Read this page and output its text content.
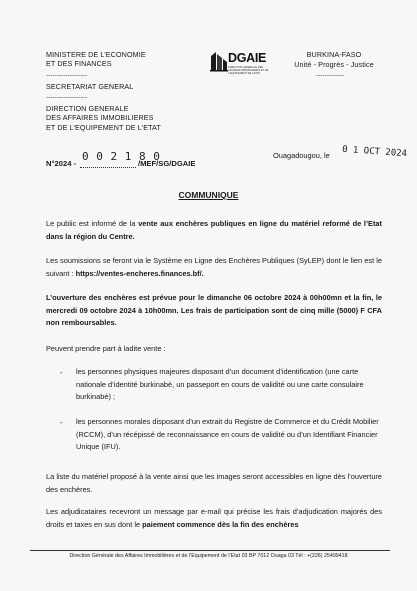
MINISTERE DE L’ECONOMIE
ET DES FINANCES
-------------------
SECRETARIAT GENERAL
-------------------
DIRECTION GENERALE
DES AFFAIRES IMMOBILIERES
ET DE L’EQUIPEMENT DE L’ETAT
DGAIE
DIRECTION GENERALE DES AFFAIRES IMMOBILIERES ET DE L'EQUIPEMENT DE L'ETAT
BURKINA-FASO
Unité - Progrès - Justice
-------------
Ouagadougou, le 0 1 OCT 2024
N°2024 -
0 0 2 1 8 0
/MEF/SG/DGAIE
COMMUNIQUE
Le public est informé de la vente aux enchères publiques en ligne du matériel reformé de l’Etat dans la région du Centre.
Les soumissions se feront via le Système en Ligne des Enchères Publiques (SyLEP) dont le lien est le suivant : https://ventes-encheres.finances.bf/.
L’ouverture des enchères est prévue pour le dimanche 06 octobre 2024 à 00h00mn et la fin, le mercredi 09 octobre 2024 à 10h00mn. Les frais de participation sont de cinq mille (5000) F CFA non remboursables.
Peuvent prendre part à ladite vente :
- les personnes physiques majeures disposant d’un document d’identification (une carte nationale d’identité burkinabè, un passeport en cours de validité ou une carte consulaire burkinabè) ;
- les personnes morales disposant d’un extrait du Registre de Commerce et du Crédit Mobilier (RCCM), d’un récépissé de reconnaissance en cours de validité ou d’un Identifiant Financier Unique (IFU).
La liste du matériel proposé à la vente ainsi que les images seront accessibles en ligne dès l’ouverture des enchères.
Les adjudicataires recevront un message par e-mail qui précise les frais d’adjudication majorés des droits et taxes en sus dont le paiement commence dès la fin des enchères
Direction Générale des Affaires Immobilières et de l’Equipement de l’Etat 03 BP 7012 Ouaga 03 Tél : +(226) 25499418
